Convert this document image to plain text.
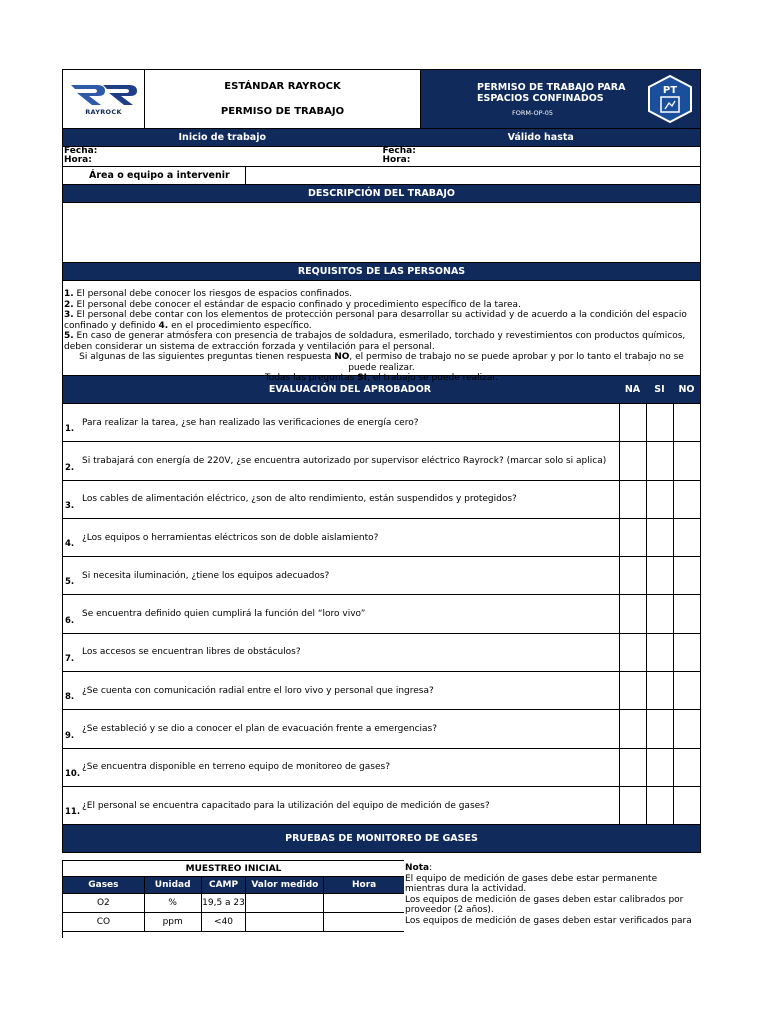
RAYROCK
ESTÁNDAR RAYROCK
PERMISO DE TRABAJO
PERMISO DE TRABAJO PARA
ESPACIOS CONFINADOS
FORM-OP-05
PT
Inicio de trabajo	Válido hasta
Fecha:
Hora:
Fecha:
Hora:
Área o equipo a intervenir
DESCRIPCIÓN DEL TRABAJO
REQUISITOS DE LAS PERSONAS
1. El personal debe conocer los riesgos de espacios confinados.
2. El personal debe conocer el estándar de espacio confinado y procedimiento específico de la tarea.
3. El personal debe contar con los elementos de protección personal para desarrollar su actividad y de acuerdo a la condición del espacio confinado y definido 4. en el procedimiento específico.
5. En caso de generar atmósfera con presencia de trabajos de soldadura, esmerilado, torchado y revestimientos con productos químicos, deben considerar un sistema de extracción forzada y ventilación para el personal.
Si algunas de las siguientes preguntas tienen respuesta NO, el permiso de trabajo no se puede aprobar y por lo tanto el trabajo no se puede realizar.
Todas las preguntas SI, el trabajo se puede realizar.
EVALUACIÓN DEL APROBADOR	NA	SI	NO
1.
Para realizar la tarea, ¿se han realizado las verificaciones de energía cero?
2.
Si trabajará con energía de 220V, ¿se encuentra autorizado por supervisor eléctrico Rayrock? (marcar solo si aplica)
3.
Los cables de alimentación eléctrico, ¿son de alto rendimiento, están suspendidos y protegidos?
4.
¿Los equipos o herramientas eléctricos son de doble aislamiento?
5.
Si necesita iluminación, ¿tiene los equipos adecuados?
6.
Se encuentra definido quien cumplirá la función del “loro vivo”
7.
Los accesos se encuentran libres de obstáculos?
8.
¿Se cuenta con comunicación radial entre el loro vivo y personal que ingresa?
9.
¿Se estableció y se dio a conocer el plan de evacuación frente a emergencias?
10.
¿Se encuentra disponible en terreno equipo de monitoreo de gases?
11.
¿El personal se encuentra capacitado para la utilización del equipo de medición de gases?
PRUEBAS DE MONITOREO DE GASES
MUESTREO INICIAL
Gases	Unidad	CAMP	Valor medido	Hora
O2	%	19,5 a 23
CO	ppm	<40
Nota:
El equipo de medición de gases debe estar permanente mientras dura la actividad.
Los equipos de medición de gases deben estar calibrados por proveedor (2 años).
Los equipos de medición de gases deben estar verificados para
